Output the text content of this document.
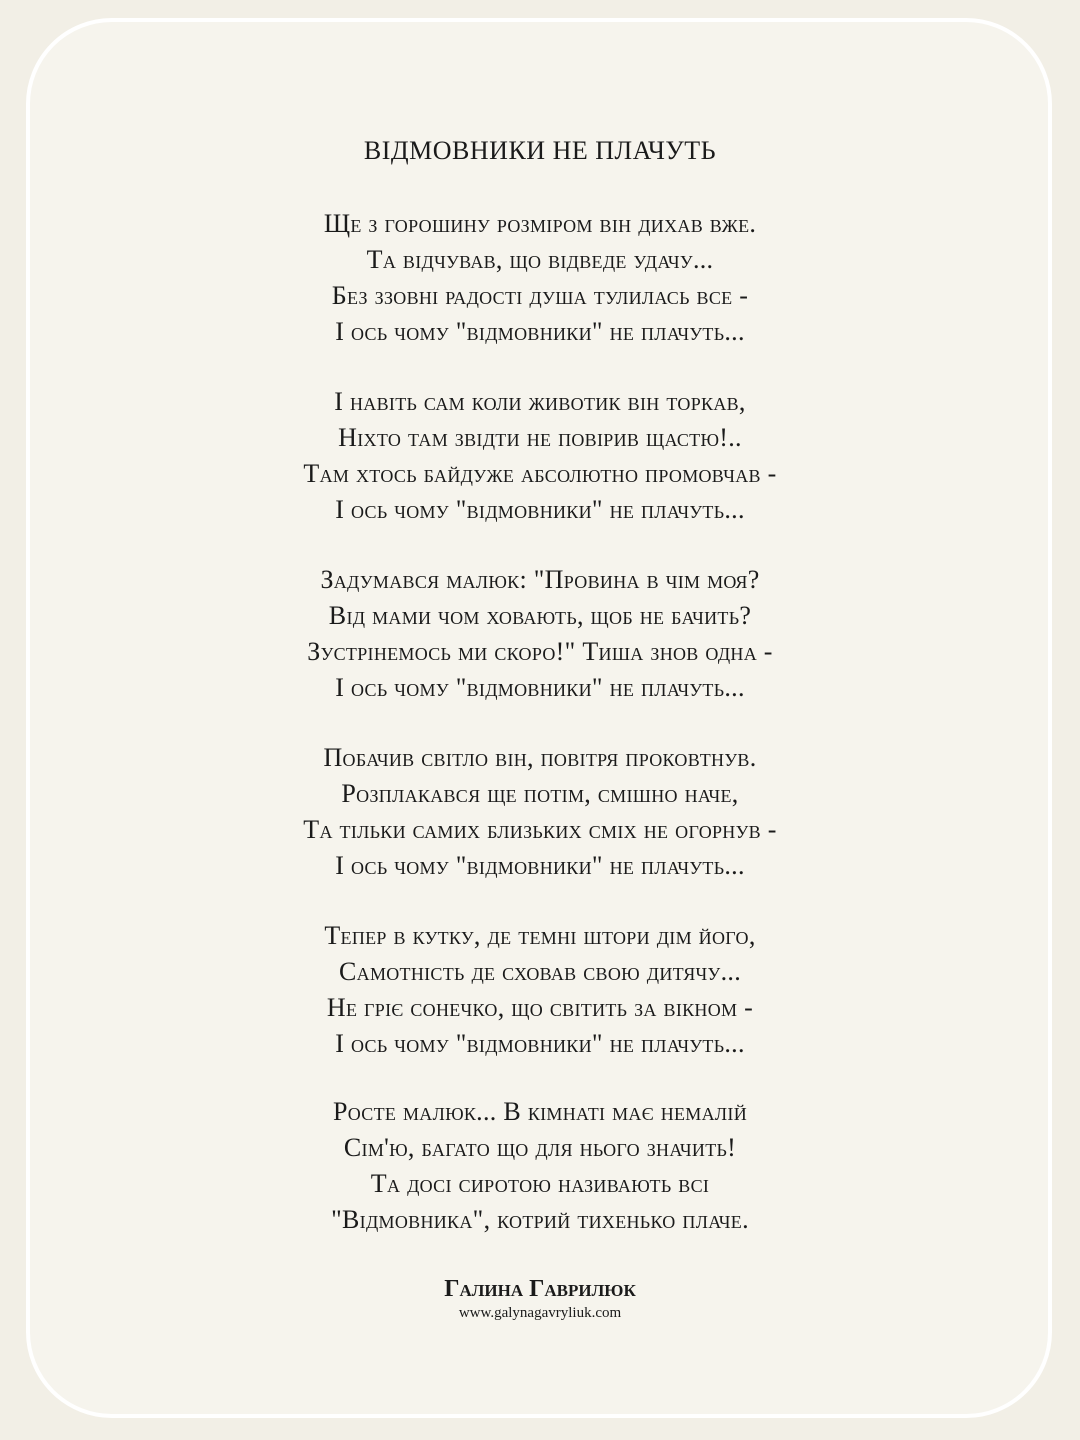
ВІДМОВНИКИ НЕ ПЛАЧУТЬ
Ще з горошину розміром він дихав вже.
Та відчував, що відведе удачу...
Без ззовні радості душа тулилась все -
І ось чому "відмовники" не плачуть...
І навіть сам коли животик він торкав,
Ніхто там звідти не повірив щастю!..
Там хтось байдуже абсолютно промовчав -
І ось чому "відмовники" не плачуть...
Задумався малюк: "Провина в чім моя?
Від мами чом ховають, щоб не бачить?
Зустрінемось ми скоро!" Тиша знов одна -
І ось чому "відмовники" не плачуть...
Побачив світло він, повітря проковтнув.
Розплакався ще потім, смішно наче,
Та тільки самих близьких сміх не огорнув -
І ось чому "відмовники" не плачуть...
Тепер в кутку, де темні штори дім його,
Самотність де сховав свою дитячу...
Не гріє сонечко, що світить за вікном -
І ось чому "відмовники" не плачуть...
Росте малюк... В кімнаті має немалій
Сім'ю, багато що для нього значить!
Та досі сиротою називають всі
"Відмовника", котрий тихенько плаче.
Галина Гаврилюк
www.galynagavryliuk.com
